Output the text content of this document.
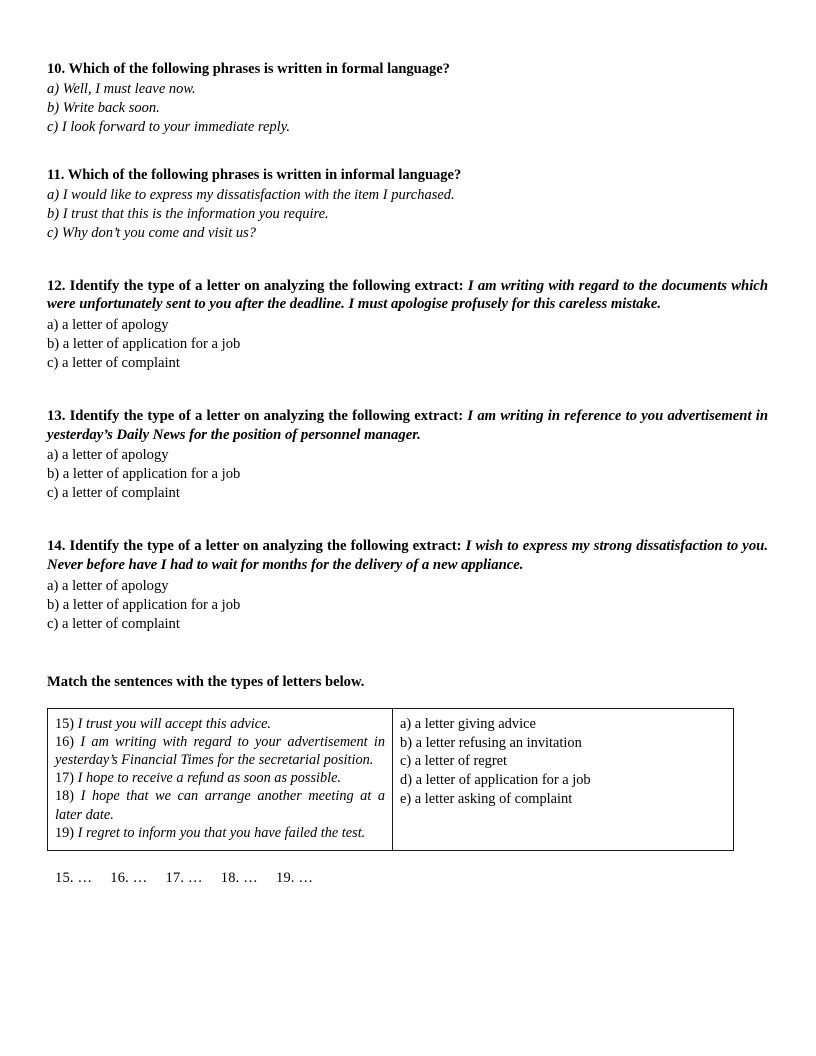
10. Which of the following phrases is written in formal language?

a) Well, I must leave now.

b) Write back soon.

c) I look forward to your immediate reply.

11. Which of the following phrases is written in informal language?

a) I would like to express my dissatisfaction with the item I purchased.

b) I trust that this is the information you require.

c) Why don’t you come and visit us?

12. Identify the type of a letter on analyzing the following extract: I am writing with regard to the documents which were unfortunately sent to you after the deadline. I must apologise profusely for this careless mistake.

a) a letter of apology

b) a letter of application for a job

c) a letter of complaint

13. Identify the type of a letter on analyzing the following extract: I am writing in reference to you advertisement in yesterday’s Daily News for the position of personnel manager.

a) a letter of apology

b) a letter of application for a job

c) a letter of complaint

14. Identify the type of a letter on analyzing the following extract: I wish to express my strong dissatisfaction to you. Never before have I had to wait for months for the delivery of a new appliance.

a) a letter of apology

b) a letter of application for a job

c) a letter of complaint

Match the sentences with the types of letters below.

15) I trust you will accept this advice.

16) I am writing with regard to your advertisement in yesterday’s Financial Times for the secretarial position.

17) I hope to receive a refund as soon as possible.

18) I hope that we can arrange another meeting at a later date.

19) I regret to inform you that you have failed the test.

a) a letter giving advice

b) a letter refusing an invitation

c) a letter of regret

d) a letter of application for a job

e) a letter asking of complaint

15. … 16. … 17. … 18. … 19. …
